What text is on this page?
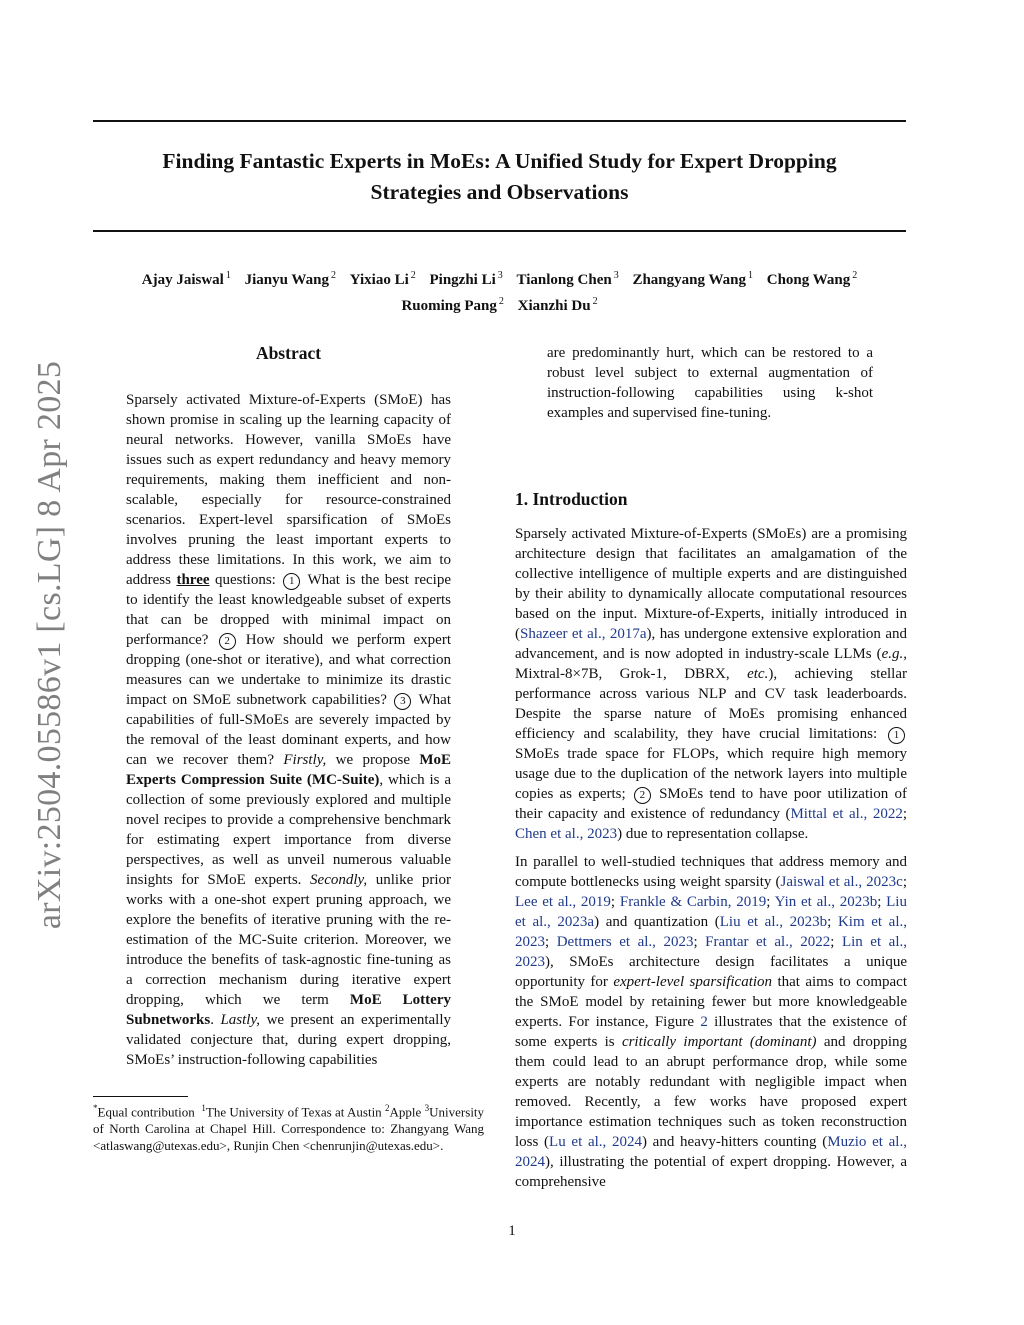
arXiv:2504.05586v1 [cs.LG] 8 Apr 2025
Finding Fantastic Experts in MoEs: A Unified Study for Expert Dropping
Strategies and Observations
Ajay Jaiswal $^1$ Jianyu Wang $^2$ Yixiao Li $^2$ Pingzhi Li $^3$ Tianlong Chen $^3$ Zhangyang Wang $^1$ Chong Wang $^2$
Ruoming Pang $^2$ Xianzhi Du $^2$
Abstract

Sparsely activated Mixture-of-Experts (SMoE) has shown promise in scaling up the learning capacity of neural networks. However, vanilla SMoEs have issues such as expert redundancy and heavy memory requirements, making them inefficient and non-scalable, especially for resource-constrained scenarios. Expert-level sparsification of SMoEs involves pruning the least important experts to address these limitations. In this work, we aim to address three questions: 1 What is the best recipe to identify the least knowledgeable subset of experts that can be dropped with minimal impact on performance? 2 How should we perform expert dropping (one-shot or iterative), and what correction measures can we undertake to minimize its drastic impact on SMoE subnetwork capabilities? 3 What capabilities of full-SMoEs are severely impacted by the removal of the least dominant experts, and how can we recover them? Firstly, we propose MoE Experts Compression Suite (MC-Suite), which is a collection of some previously explored and multiple novel recipes to provide a comprehensive benchmark for estimating expert importance from diverse perspectives, as well as unveil numerous valuable insights for SMoE experts. Secondly, unlike prior works with a one-shot expert pruning approach, we explore the benefits of iterative pruning with the re-estimation of the MC-Suite criterion. Moreover, we introduce the benefits of task-agnostic fine-tuning as a correction mechanism during iterative expert dropping, which we term MoE Lottery Subnetworks. Lastly, we present an experimentally validated conjecture that, during expert dropping, SMoEs’ instruction-following capabilities

are predominantly hurt, which can be restored to a robust level subject to external augmentation of instruction-following capabilities using k-shot examples and supervised fine-tuning.
1. Introduction

Sparsely activated Mixture-of-Experts (SMoEs) are a promising architecture design that facilitates an amalgamation of the collective intelligence of multiple experts and are distinguished by their ability to dynamically allocate computational resources based on the input. Mixture-of-Experts, initially introduced in (Shazeer et al., 2017a), has undergone extensive exploration and advancement, and is now adopted in industry-scale LLMs (e.g., Mixtral-8×7B, Grok-1, DBRX, etc.), achieving stellar performance across various NLP and CV task leaderboards. Despite the sparse nature of MoEs promising enhanced efficiency and scalability, they have crucial limitations: 1 SMoEs trade space for FLOPs, which require high memory usage due to the duplication of the network layers into multiple copies as experts; 2 SMoEs tend to have poor utilization of their capacity and existence of redundancy (Mittal et al., 2022; Chen et al., 2023) due to representation collapse.

In parallel to well-studied techniques that address memory and compute bottlenecks using weight sparsity (Jaiswal et al., 2023c; Lee et al., 2019; Frankle & Carbin, 2019; Yin et al., 2023b; Liu et al., 2023a) and quantization (Liu et al., 2023b; Kim et al., 2023; Dettmers et al., 2023; Frantar et al., 2022; Lin et al., 2023), SMoEs architecture design facilitates a unique opportunity for expert-level sparsification that aims to compact the SMoE model by retaining fewer but more knowledgeable experts. For instance, Figure 2 illustrates that the existence of some experts is critically important (dominant) and dropping them could lead to an abrupt performance drop, while some experts are notably redundant with negligible impact when removed. Recently, a few works have proposed expert importance estimation techniques such as token reconstruction loss (Lu et al., 2024) and heavy-hitters counting (Muzio et al., 2024), illustrating the potential of expert dropping. However, a comprehensive

*Equal contribution $^1$The University of Texas at Austin $^2$Apple $^3$University of North Carolina at Chapel Hill. Correspondence to: Zhangyang Wang <atlaswang@utexas.edu>, Runjin Chen <chenrunjin@utexas.edu>.
1
